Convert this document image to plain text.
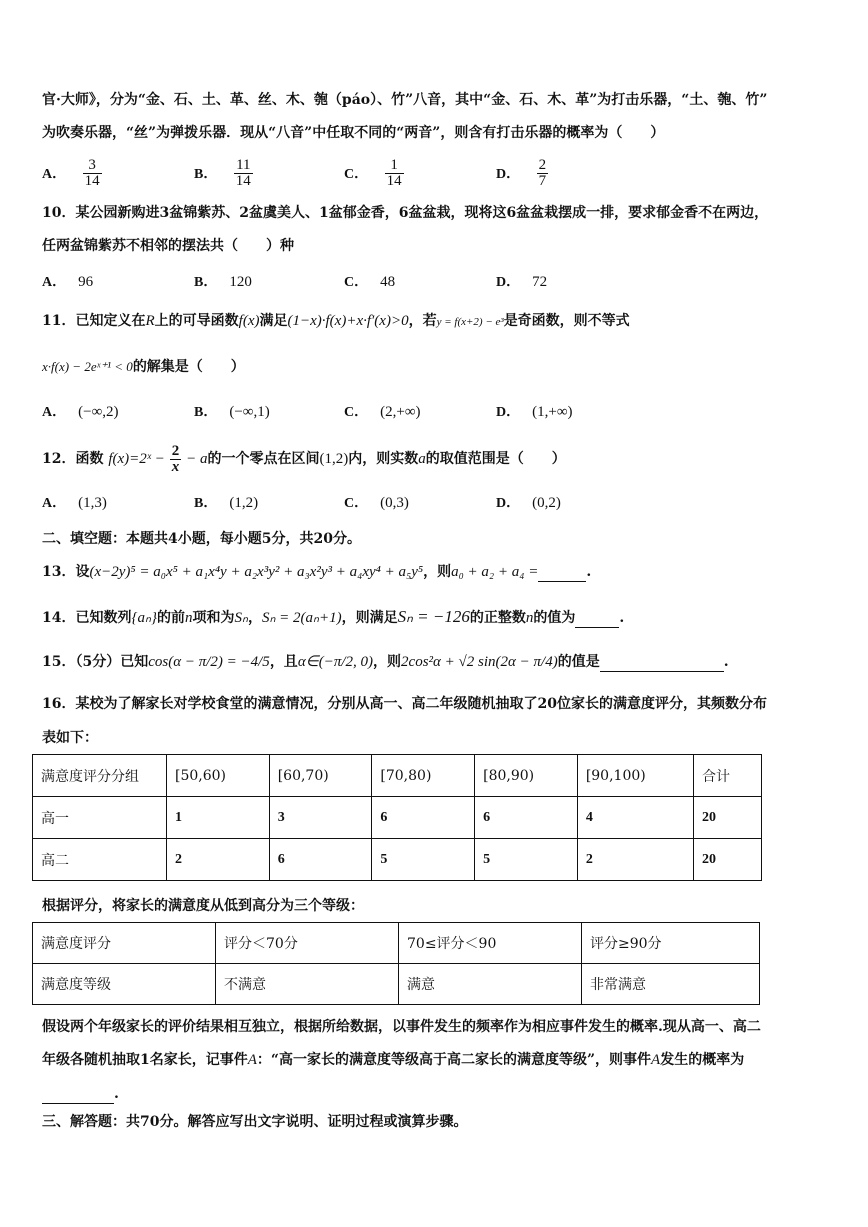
官·大师》，分为“金、石、土、革、丝、木、匏（páo）、竹”八音，其中“金、石、木、革”为打击乐器，“土、匏、竹”
为吹奏乐器，“丝”为弹拨乐器．现从“八音”中任取不同的“两音”，则含有打击乐器的概率为（　　）
A． $\frac{3}{14}$	B． $\frac{11}{14}$	C． $\frac{1}{14}$	D． $\frac{2}{7}$
10．某公园新购进3盆锦紫苏、2盆虞美人、1盆郁金香，6盆盆栽，现将这6盆盆栽摆成一排，要求郁金香不在两边，
任两盆锦紫苏不相邻的摆法共（　　）种
A． 96	B． 120	C． 48	D． 72
11．已知定义在R上的可导函数f(x)满足(1−x)·f(x)+x·f′(x)>0，若y = f(x+2) − e³是奇函数，则不等式
x·f(x) − 2eˣ⁺¹ < 0的解集是（　　）
A． (−∞,2)	B． (−∞,1)	C． (2,+∞)	D． (1,+∞)
12．函数 f(x)=2ˣ − $\frac{2}{x} - a$的一个零点在区间(1,2)内，则实数a的取值范围是（　　）
A． (1,3)	B． (1,2)	C． (0,3)	D． (0,2)
二、填空题：本题共4小题，每小题5分，共20分。
13．设(x−2y)⁵ = a₀x⁵ + a₁x⁴y + a₂x³y² + a₃x²y³ + a₄xy⁴ + a₅y⁵，则a₀ + a₂ + a₄ =	.
14．已知数列{aₙ}的前n项和为Sₙ，Sₙ = 2(aₙ+1)，则满足Sₙ = −126的正整数n的值为	.
15．（5分）已知cos(α − π/2) = −4/5，且α∈(−π/2, 0)，则2cos²α + √2 sin(2α − π/4)的值是	.
16．某校为了解家长对学校食堂的满意情况，分别从高一、高二年级随机抽取了20位家长的满意度评分，其频数分布
表如下：
满意度评分分组	[50,60)	[60,70)	[70,80)	[80,90)	[90,100)	合计
高一	1	3	6	6	4	20
高二	2	6	5	5	2	20
根据评分，将家长的满意度从低到高分为三个等级：
满意度评分	评分＜70分	70≤评分＜90	评分≥90分
满意度等级	不满意	满意	非常满意
假设两个年级家长的评价结果相互独立，根据所给数据，以事件发生的频率作为相应事件发生的概率.现从高一、高二
年级各随机抽取1名家长，记事件A：“高一家长的满意度等级高于高二家长的满意度等级”，则事件A发生的概率为
.
三、解答题：共70分。解答应写出文字说明、证明过程或演算步骤。
